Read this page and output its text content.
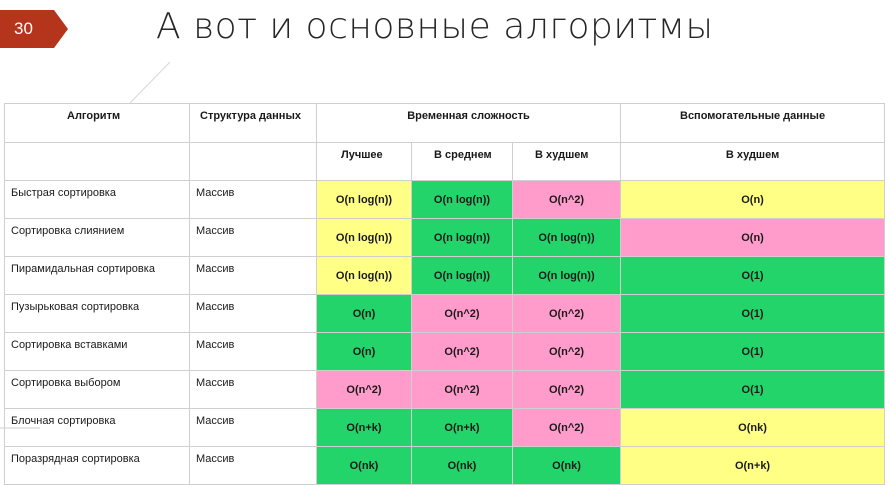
30	А вот и основные алгоритмы
Алгоритм	Структура данных	Временная сложность			Вспомогательные данные
		Лучшее	В среднем	В худшем	В худшем
Быстрая сортировка	Массив	O(n log(n))	O(n log(n))	O(n^2)	O(n)
Сортировка слиянием	Массив	O(n log(n))	O(n log(n))	O(n log(n))	O(n)
Пирамидальная сортировка	Массив	O(n log(n))	O(n log(n))	O(n log(n))	O(1)
Пузырьковая сортировка	Массив	O(n)	O(n^2)	O(n^2)	O(1)
Сортировка вставками	Массив	O(n)	O(n^2)	O(n^2)	O(1)
Сортировка выбором	Массив	O(n^2)	O(n^2)	O(n^2)	O(1)
Блочная сортировка	Массив	O(n+k)	O(n+k)	O(n^2)	O(nk)
Поразрядная сортировка	Массив	O(nk)	O(nk)	O(nk)	O(n+k)
